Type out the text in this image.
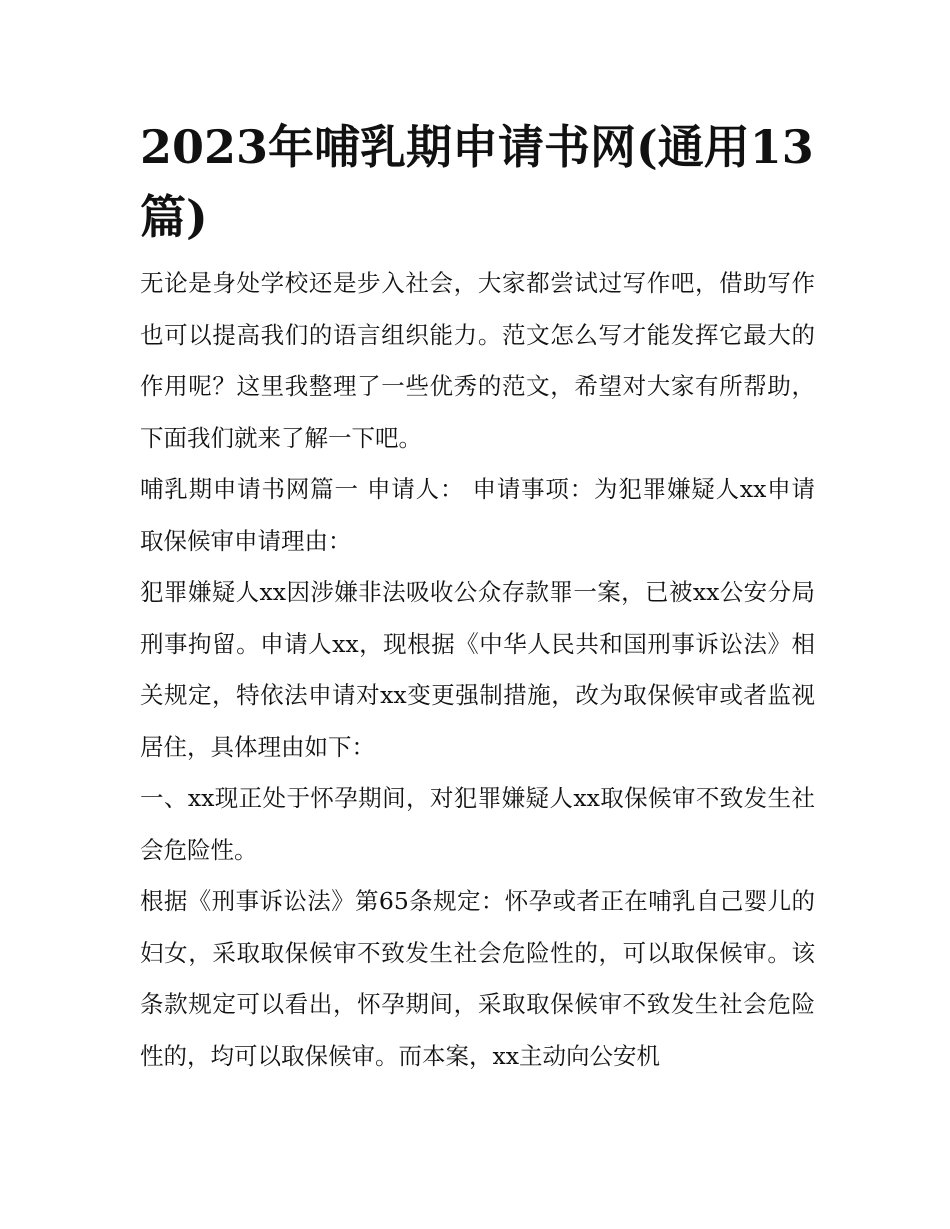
2023年哺乳期申请书网(通用13篇)

无论是身处学校还是步入社会，大家都尝试过写作吧，借助写作也可以提高我们的语言组织能力。范文怎么写才能发挥它最大的作用呢？这里我整理了一些优秀的范文，希望对大家有所帮助，下面我们就来了解一下吧。

哺乳期申请书网篇一 申请人： 申请事项：为犯罪嫌疑人xx申请取保候审申请理由：

犯罪嫌疑人xx因涉嫌非法吸收公众存款罪一案，已被xx公安分局刑事拘留。申请人xx，现根据《中华人民共和国刑事诉讼法》相关规定，特依法申请对xx变更强制措施，改为取保候审或者监视居住，具体理由如下：

一、xx现正处于怀孕期间，对犯罪嫌疑人xx取保候审不致发生社会危险性。

根据《刑事诉讼法》第65条规定：怀孕或者正在哺乳自己婴儿的妇女，采取取保候审不致发生社会危险性的，可以取保候审。该条款规定可以看出，怀孕期间，采取取保候审不致发生社会危险性的，均可以取保候审。而本案，xx主动向公安机
